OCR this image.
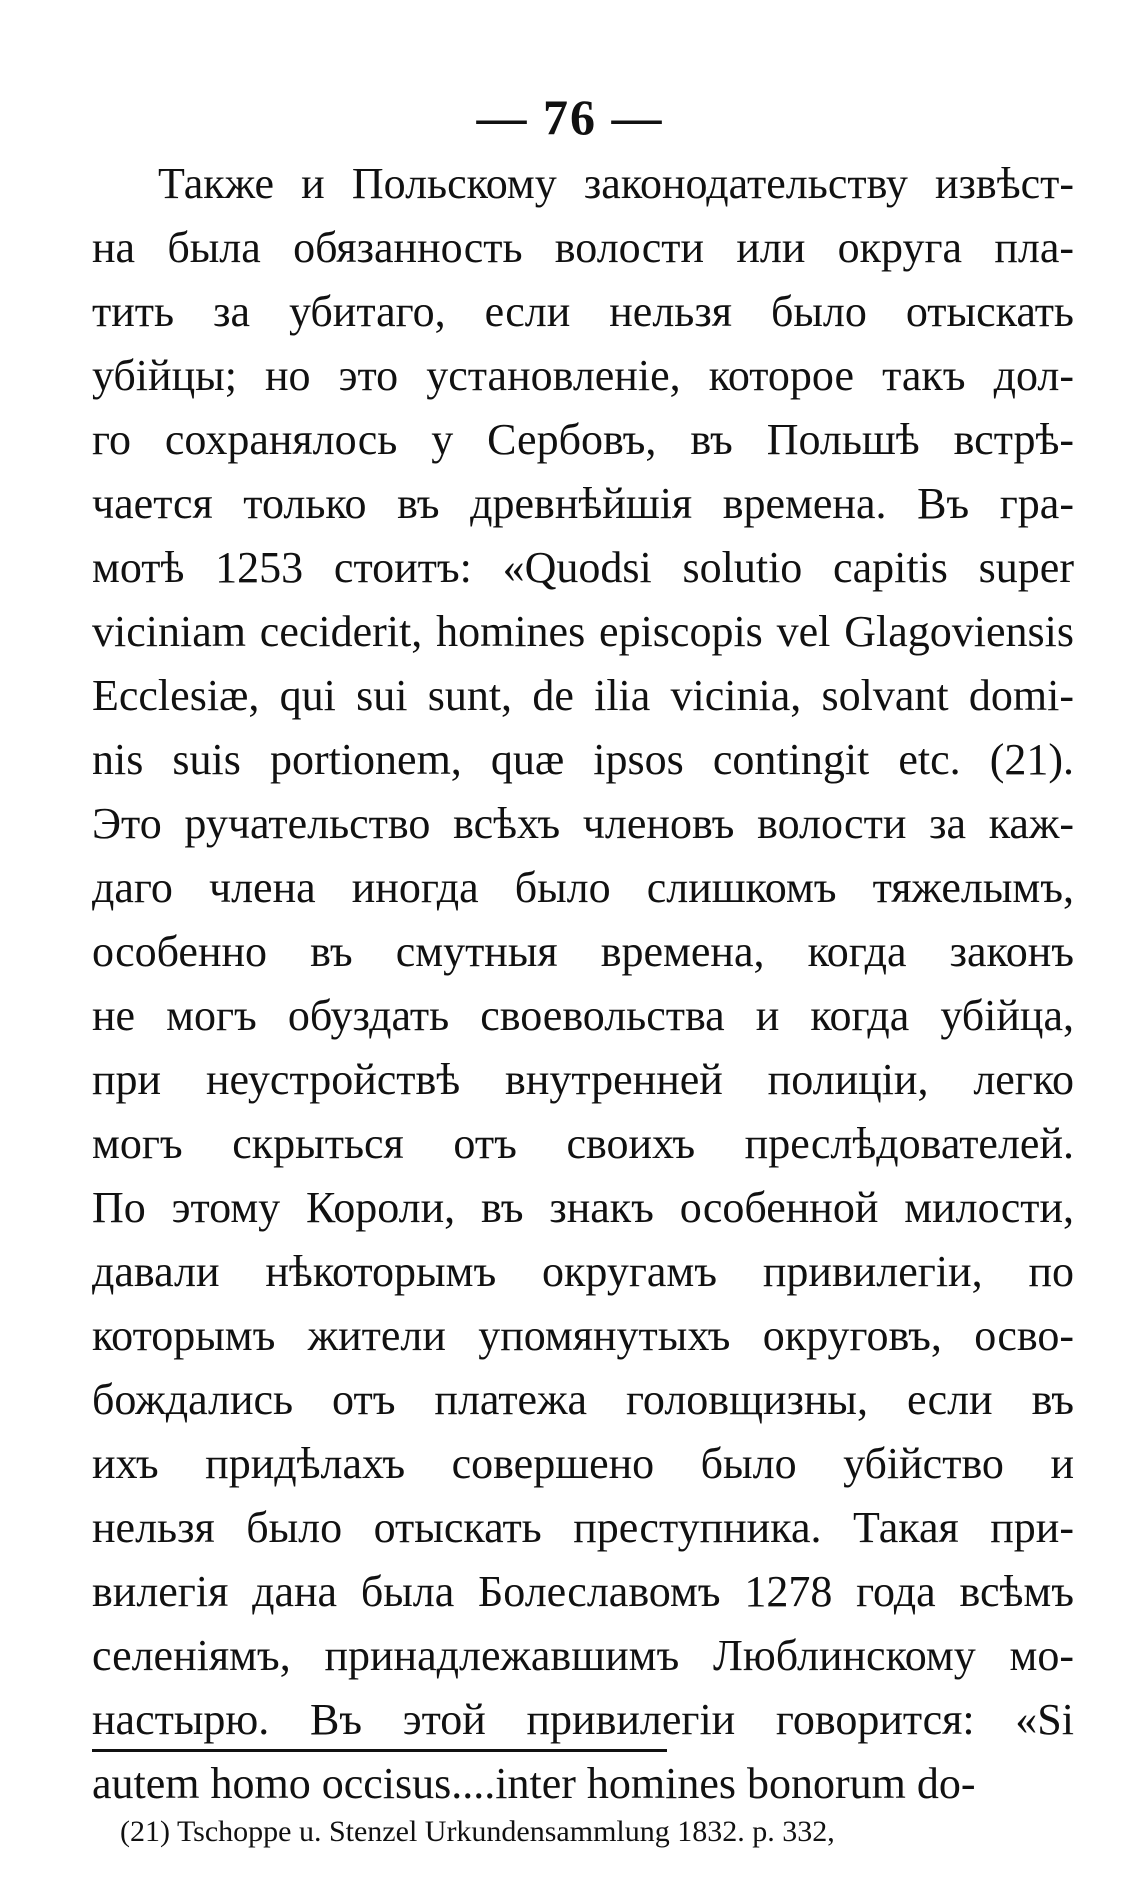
— 76 —
Также и Польскому законодательству извѣст-
на была обязанность волости или округа пла-
тить за убитаго, если нельзя было отыскать
убiйцы; но это установленiе, которое такъ дол-
го сохранялось у Сербовъ, въ Польшѣ встрѣ-
чается только въ древнѣйшiя времена. Въ гра-
мотѣ 1253 стоитъ: «Quodsi solutio capitis super
viciniam ceciderit, homines episcopis vel Glagoviensis
Ecclesiæ, qui sui sunt, de ilia vicinia, solvant domi-
nis suis portionem, quæ ipsos contingit etc. (21).
Это ручательство всѣхъ членовъ волости за каж-
даго члена иногда было слишкомъ тяжелымъ,
особенно въ смутныя времена, когда законъ
не могъ обуздать своевольства и когда убiйца,
при неустройствѣ внутренней полицiи, легко
могъ скрыться отъ своихъ преслѣдователей.
По этому Короли, въ знакъ особенной милости,
давали нѣкоторымъ округамъ привилегiи, по
которымъ жители упомянутыхъ округовъ, осво-
бождались отъ платежа головщизны, если въ
ихъ придѣлахъ совершено было убiйство и
нельзя было отыскать преступника. Такая при-
вилегiя дана была Болеславомъ 1278 года всѣмъ
селенiямъ, принадлежавшимъ Люблинскому мо-
настырю. Въ этой привилегiи говорится: «Si
autem homo occisus....inter homines bonorum do-
(21) Tschoppe u. Stenzel Urkundensammlung 1832. p. 332,
